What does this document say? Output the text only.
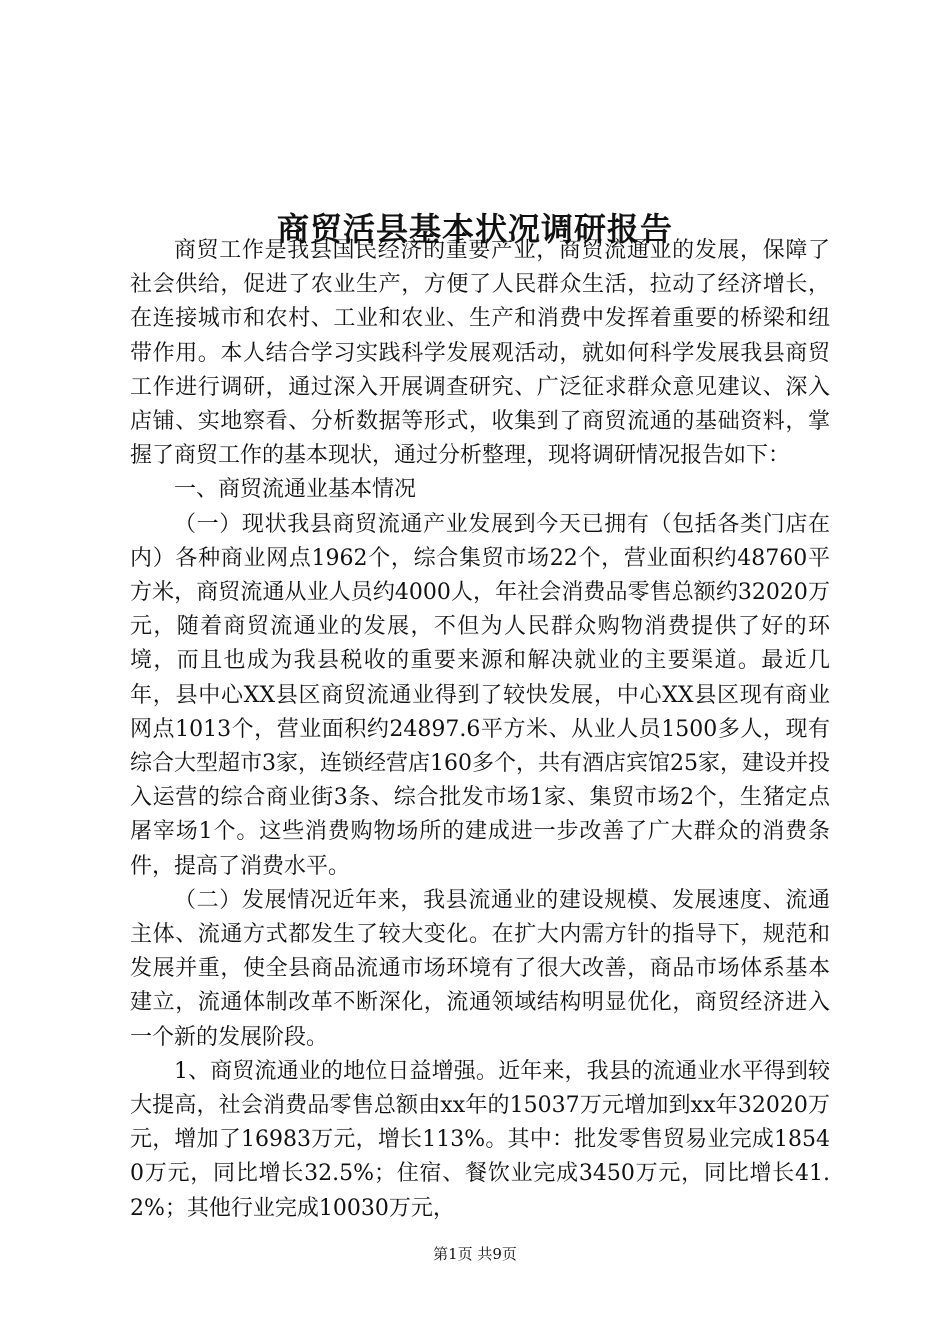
商贸活县基本状况调研报告

商贸工作是我县国民经济的重要产业，商贸流通业的发展，保障了社会供给，促进了农业生产，方便了人民群众生活，拉动了经济增长，在连接城市和农村、工业和农业、生产和消费中发挥着重要的桥梁和纽带作用。本人结合学习实践科学发展观活动，就如何科学发展我县商贸工作进行调研，通过深入开展调查研究、广泛征求群众意见建议、深入店铺、实地察看、分析数据等形式，收集到了商贸流通的基础资料，掌握了商贸工作的基本现状，通过分析整理，现将调研情况报告如下：

一、商贸流通业基本情况

（一）现状我县商贸流通产业发展到今天已拥有（包括各类门店在内）各种商业网点1962个，综合集贸市场22个，营业面积约48760平方米，商贸流通从业人员约4000人，年社会消费品零售总额约32020万元，随着商贸流通业的发展，不但为人民群众购物消费提供了好的环境，而且也成为我县税收的重要来源和解决就业的主要渠道。最近几年，县中心XX县区商贸流通业得到了较快发展，中心XX县区现有商业网点1013个，营业面积约24897.6平方米、从业人员1500多人，现有综合大型超市3家，连锁经营店160多个，共有酒店宾馆25家，建设并投入运营的综合商业街3条、综合批发市场1家、集贸市场2个，生猪定点屠宰场1个。这些消费购物场所的建成进一步改善了广大群众的消费条件，提高了消费水平。

（二）发展情况近年来，我县流通业的建设规模、发展速度、流通主体、流通方式都发生了较大变化。在扩大内需方针的指导下，规范和发展并重，使全县商品流通市场环境有了很大改善，商品市场体系基本建立，流通体制改革不断深化，流通领域结构明显优化，商贸经济进入一个新的发展阶段。

1、商贸流通业的地位日益增强。近年来，我县的流通业水平得到较大提高，社会消费品零售总额由xx年的15037万元增加到xx年32020万元，增加了16983万元，增长113%。其中：批发零售贸易业完成18540万元，同比增长32.5%；住宿、餐饮业完成3450万元，同比增长41.2%；其他行业完成10030万元，

第1页 共9页
